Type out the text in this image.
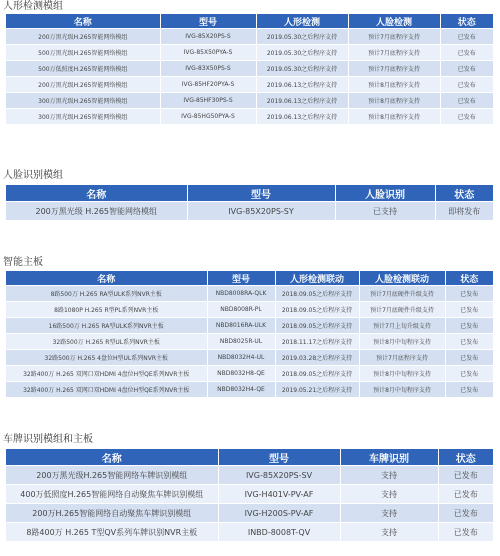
人形检测模组
名称	型号	人形检测	人脸检测	状态
200万黑光级H.265智能网络模组	IVG-85X20PS-S	2019.05.30之后程序支持	预计7月底程序支持	已发布
500万黑光级H.265智能网络模组	IVG-85X50PYA-S	2019.05.30之后程序支持	预计7月底程序支持	已发布
500万低照度H.265智能网络模组	IVG-83X50PS-S	2019.05.30之后程序支持	预计7月底程序支持	已发布
200万黑光级H.265智能网络模组	IVG-85HF20PYA-S	2019.06.13之后程序支持	预计8月底程序支持	已发布
300万黑光级H.265智能网络模组	IVG-85HF30PS-S	2019.06.13之后程序支持	预计8月底程序支持	已发布
300万黑光级H.265智能网络模组	IVG-85HG50PYA-S	2019.06.13之后程序支持	预计8月底程序支持	已发布
人脸识别模组
名称	型号	人脸识别	状态
200万黑光级 H.265智能网络模组	IVG-85X20PS-SY	已支持	即将发布
智能主板
名称	型号	人形检测联动	人脸检测联动	状态
8路500万 H.265 RA型ULK系列NVR主板	NBD8008RA-QLK	2018.09.05之后程序支持	预计7月底硬件升级支持	已发布
8路1080P H.265 R型PL系列NVR主板	NBD8008R-PL	2018.09.05之后程序支持	预计7月底硬件升级支持	已发布
16路500万 H.265 RA型ULK系列NVR主板	NBD8016RA-ULK	2018.09.05之后程序支持	预计7月上旬升级支持	已发布
32路500万 H.265 R型UL系列NVR主板	NBD8025R-UL	2018.11.17之后程序支持	预计8月中旬程序支持	已发布
32路500万 H.265 4盘位H型UL系列NVR主板	NBD8032H4-UL	2019.03.28之后程序支持	预计7月底程序支持	已发布
32路400万 H.265 双网口双HDMI 4盘位H型QE系列NVR主板	NBD8032H8-QE	2018.09.05之后程序支持	预计8月中旬程序支持	已发布
32路400万 H.265 双网口双HDMI 4盘位H型QE系列NVR主板	NBD8032H4-QE	2019.05.21之后程序支持	预计8月中旬程序支持	已发布
车牌识别模组和主板
名称	型号	车牌识别	状态
200万黑光级H.265智能网络车牌识别模组	IVG-85X20PS-SV	支持	已发布
400万低照度H.265智能网络自动聚焦车牌识别模组	IVG-H401V-PV-AF	支持	已发布
200万H.265智能网络自动聚焦车牌识别模组	IVG-H200S-PV-AF	支持	已发布
8路400万 H.265 T型QV系列车牌识别NVR主板	INBD-8008T-QV	支持	已发布
